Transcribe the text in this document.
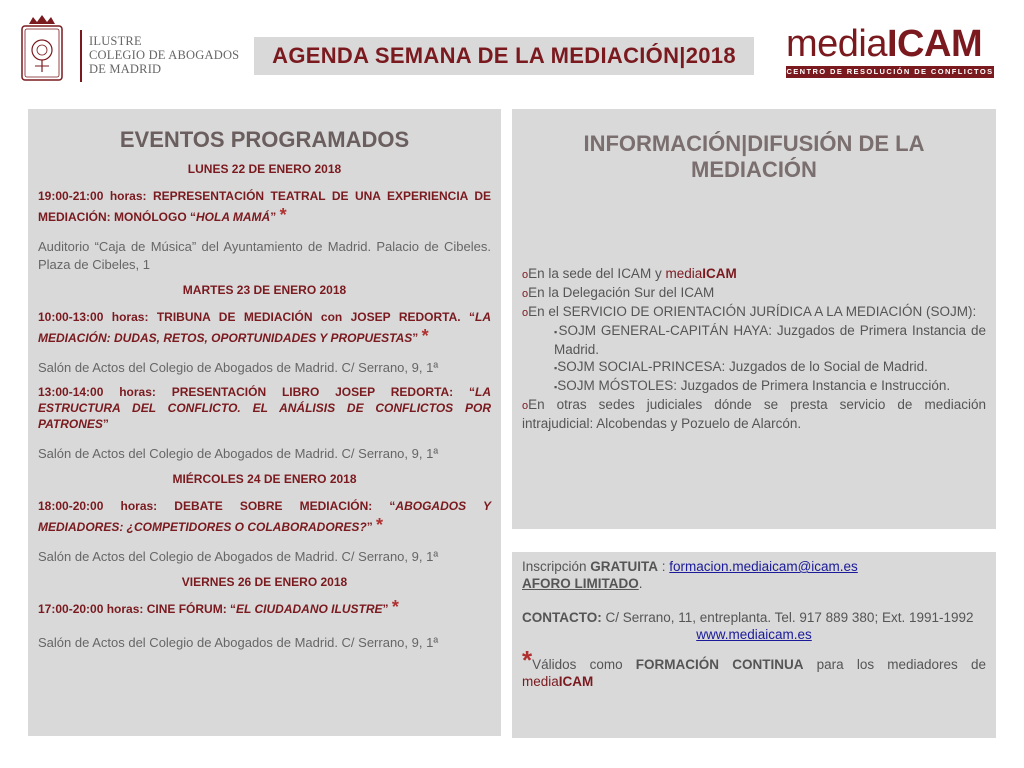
ILUSTRE
COLEGIO DE ABOGADOS
DE MADRID
AGENDA SEMANA DE LA MEDIACIÓN|2018 mediaICAM
CENTRO DE RESOLUCIÓN DE CONFLICTOS
EVENTOS PROGRAMADOS
LUNES 22 DE ENERO 2018

19:00-21:00 horas: REPRESENTACIÓN TEATRAL DE UNA EXPERIENCIA DE MEDIACIÓN: MONÓLOGO “HOLA MAMÁ” *

Auditorio “Caja de Música” del Ayuntamiento de Madrid. Palacio de Cibeles. Plaza de Cibeles, 1

MARTES 23 DE ENERO 2018

10:00-13:00 horas: TRIBUNA DE MEDIACIÓN con JOSEP REDORTA. “LA MEDIACIÓN: DUDAS, RETOS, OPORTUNIDADES Y PROPUESTAS” *

Salón de Actos del Colegio de Abogados de Madrid. C/ Serrano, 9, 1ª

13:00-14:00 horas: PRESENTACIÓN LIBRO JOSEP REDORTA: “LA ESTRUCTURA DEL CONFLICTO. EL ANÁLISIS DE CONFLICTOS POR PATRONES”

Salón de Actos del Colegio de Abogados de Madrid. C/ Serrano, 9, 1ª

MIÉRCOLES 24 DE ENERO 2018

18:00-20:00 horas: DEBATE SOBRE MEDIACIÓN: “ABOGADOS Y MEDIADORES: ¿COMPETIDORES O COLABORADORES?” *

Salón de Actos del Colegio de Abogados de Madrid. C/ Serrano, 9, 1ª

VIERNES 26 DE ENERO 2018

17:00-20:00 horas: CINE FÓRUM: “EL CIUDADANO ILUSTRE” *

Salón de Actos del Colegio de Abogados de Madrid. C/ Serrano, 9, 1ª

INFORMACIÓN|DIFUSIÓN DE LA MEDIACIÓN
oEn la sede del ICAM y mediaICAM
oEn la Delegación Sur del ICAM
oEn el SERVICIO DE ORIENTACIÓN JURÍDICA A LA MEDIACIÓN (SOJM):
▪SOJM GENERAL-CAPITÁN HAYA: Juzgados de Primera Instancia de Madrid.
▪SOJM SOCIAL-PRINCESA: Juzgados de lo Social de Madrid.
▪SOJM MÓSTOLES: Juzgados de Primera Instancia e Instrucción.
oEn otras sedes judiciales dónde se presta servicio de mediación intrajudicial: Alcobendas y Pozuelo de Alarcón.

Inscripción GRATUITA : formacion.mediaicam@icam.es

AFORO LIMITADO.

CONTACTO: C/ Serrano, 11, entreplanta. Tel. 917 889 380; Ext. 1991-1992

www.mediaicam.es

*Válidos como FORMACIÓN CONTINUA para los mediadores de mediaICAM
